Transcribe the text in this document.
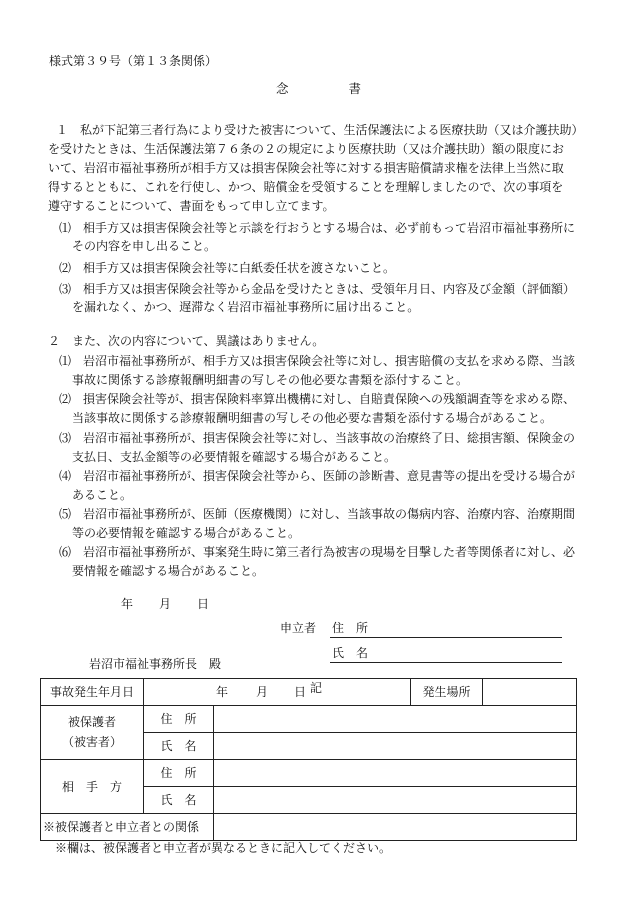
様式第３９号（第１３条関係）
念	書
１　私が下記第三者行為により受けた被害について、生活保護法による医療扶助（又は介護扶助）
を受けたときは、生活保護法第７６条の２の規定により医療扶助（又は介護扶助）額の限度にお
いて、岩沼市福祉事務所が相手方又は損害保険会社等に対する損害賠償請求権を法律上当然に取
得するとともに、これを行使し、かつ、賠償金を受領することを理解しましたので、次の事項を
遵守することについて、書面をもって申し立てます。
⑴　相手方又は損害保険会社等と示談を行おうとする場合は、必ず前もって岩沼市福祉事務所に
その内容を申し出ること。
⑵　相手方又は損害保険会社等に白紙委任状を渡さないこと。
⑶　相手方又は損害保険会社等から金品を受けたときは、受領年月日、内容及び金額（評価額）
を漏れなく、かつ、遅滞なく岩沼市福祉事務所に届け出ること。
２　また、次の内容について、異議はありません。
⑴　岩沼市福祉事務所が、相手方又は損害保険会社等に対し、損害賠償の支払を求める際、当該
事故に関係する診療報酬明細書の写しその他必要な書類を添付すること。
⑵　損害保険会社等が、損害保険料率算出機構に対し、自賠責保険への残額調査等を求める際、
当該事故に関係する診療報酬明細書の写しその他必要な書類を添付する場合があること。
⑶　岩沼市福祉事務所が、損害保険会社等に対し、当該事故の治療終了日、総損害額、保険金の
支払日、支払金額等の必要情報を確認する場合があること。
⑷　岩沼市福祉事務所が、損害保険会社等から、医師の診断書、意見書等の提出を受ける場合が
あること。
⑸　岩沼市福祉事務所が、医師（医療機関）に対し、当該事故の傷病内容、治療内容、治療期間
等の必要情報を確認する場合があること。
⑹　岩沼市福祉事務所が、事案発生時に第三者行為被害の現場を目撃した者等関係者に対し、必
要情報を確認する場合があること。
年 月 日
申立者 住　所
氏　名
岩沼市福祉事務所長　殿
記
事故発生年月日	年 月 日		発生場所	

被保護者
（被害者）	住　所			
	氏　名			
相　手　方	住　所			
	氏　名			
※被保護者と申立者との関係				
※欄は、被保護者と申立者が異なるときに記入してください。
